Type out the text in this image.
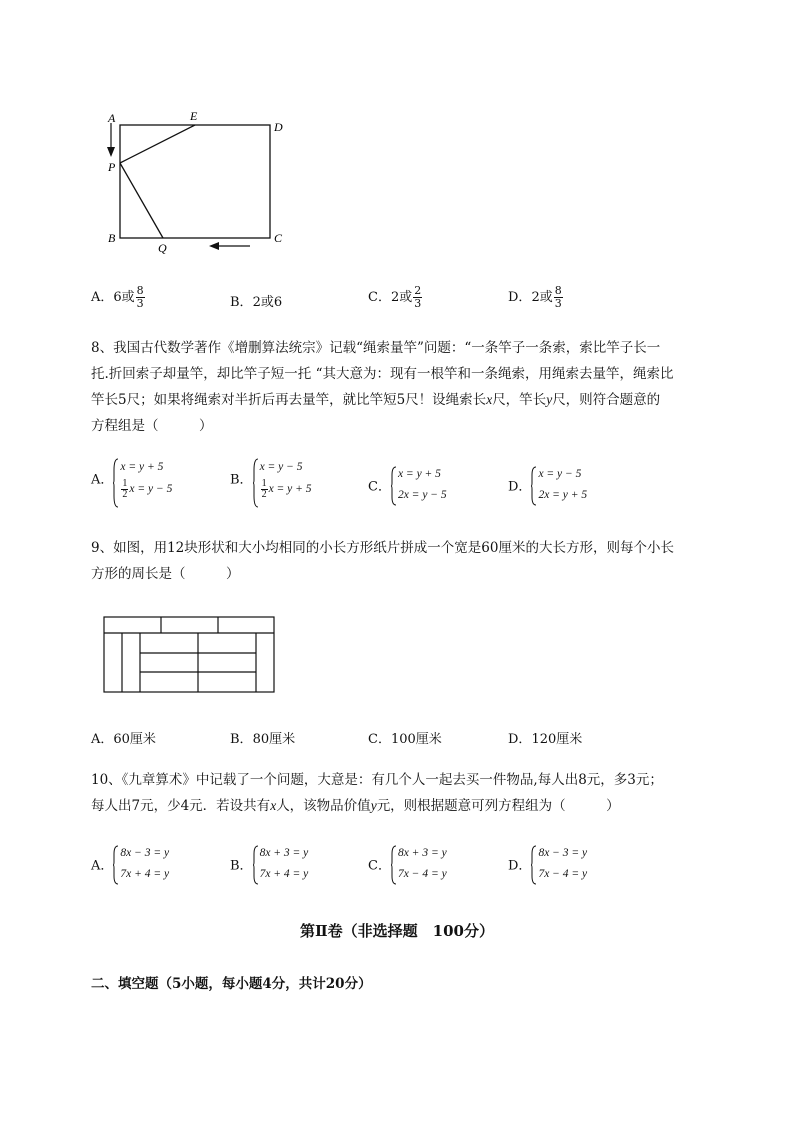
A	E
D
P
B
Q
C
A．6或 $\frac{8}{3}$	B．2或6	C．2或 $\frac{2}{3}$	D．2或 $\frac{8}{3}$
8、我国古代数学著作《增删算法统宗》记载“绳索量竿”问题：“一条竿子一条索，索比竿子长一
托.折回索子却量竿，却比竿子短一托 “其大意为：现有一根竿和一条绳索，用绳索去量竿，绳索比
竿长5尺；如果将绳索对半折后再去量竿，就比竿短5尺！设绳索长x尺，竿长y尺，则符合题意的
方程组是（　　　）
A．
x = y + 5
$\frac{1}{2}$ x = y − 5
B．
x = y − 5
$\frac{1}{2}$ x = y + 5	C．
x = y + 5
2x = y − 5
D．
x = y − 5
2x = y + 5
9、如图，用12块形状和大小均相同的小长方形纸片拼成一个宽是60厘米的大长方形，则每个小长
方形的周长是（　　　）
A．60厘米	B．80厘米	C．100厘米	D．120厘米
10、《九章算术》中记载了一个问题，大意是：有几个人一起去买一件物品,每人出8元，多3元；
每人出7元，少4元．若设共有x人，该物品价值y元，则根据题意可列方程组为（　　　）
A．
8x − 3 = y
7x + 4 = y
B．
8x + 3 = y
7x + 4 = y
C．
8x + 3 = y
7x − 4 = y
D．
8x − 3 = y
7x − 4 = y
第Ⅱ卷（非选择题　100分）
二、填空题（5小题，每小题4分，共计20分）
